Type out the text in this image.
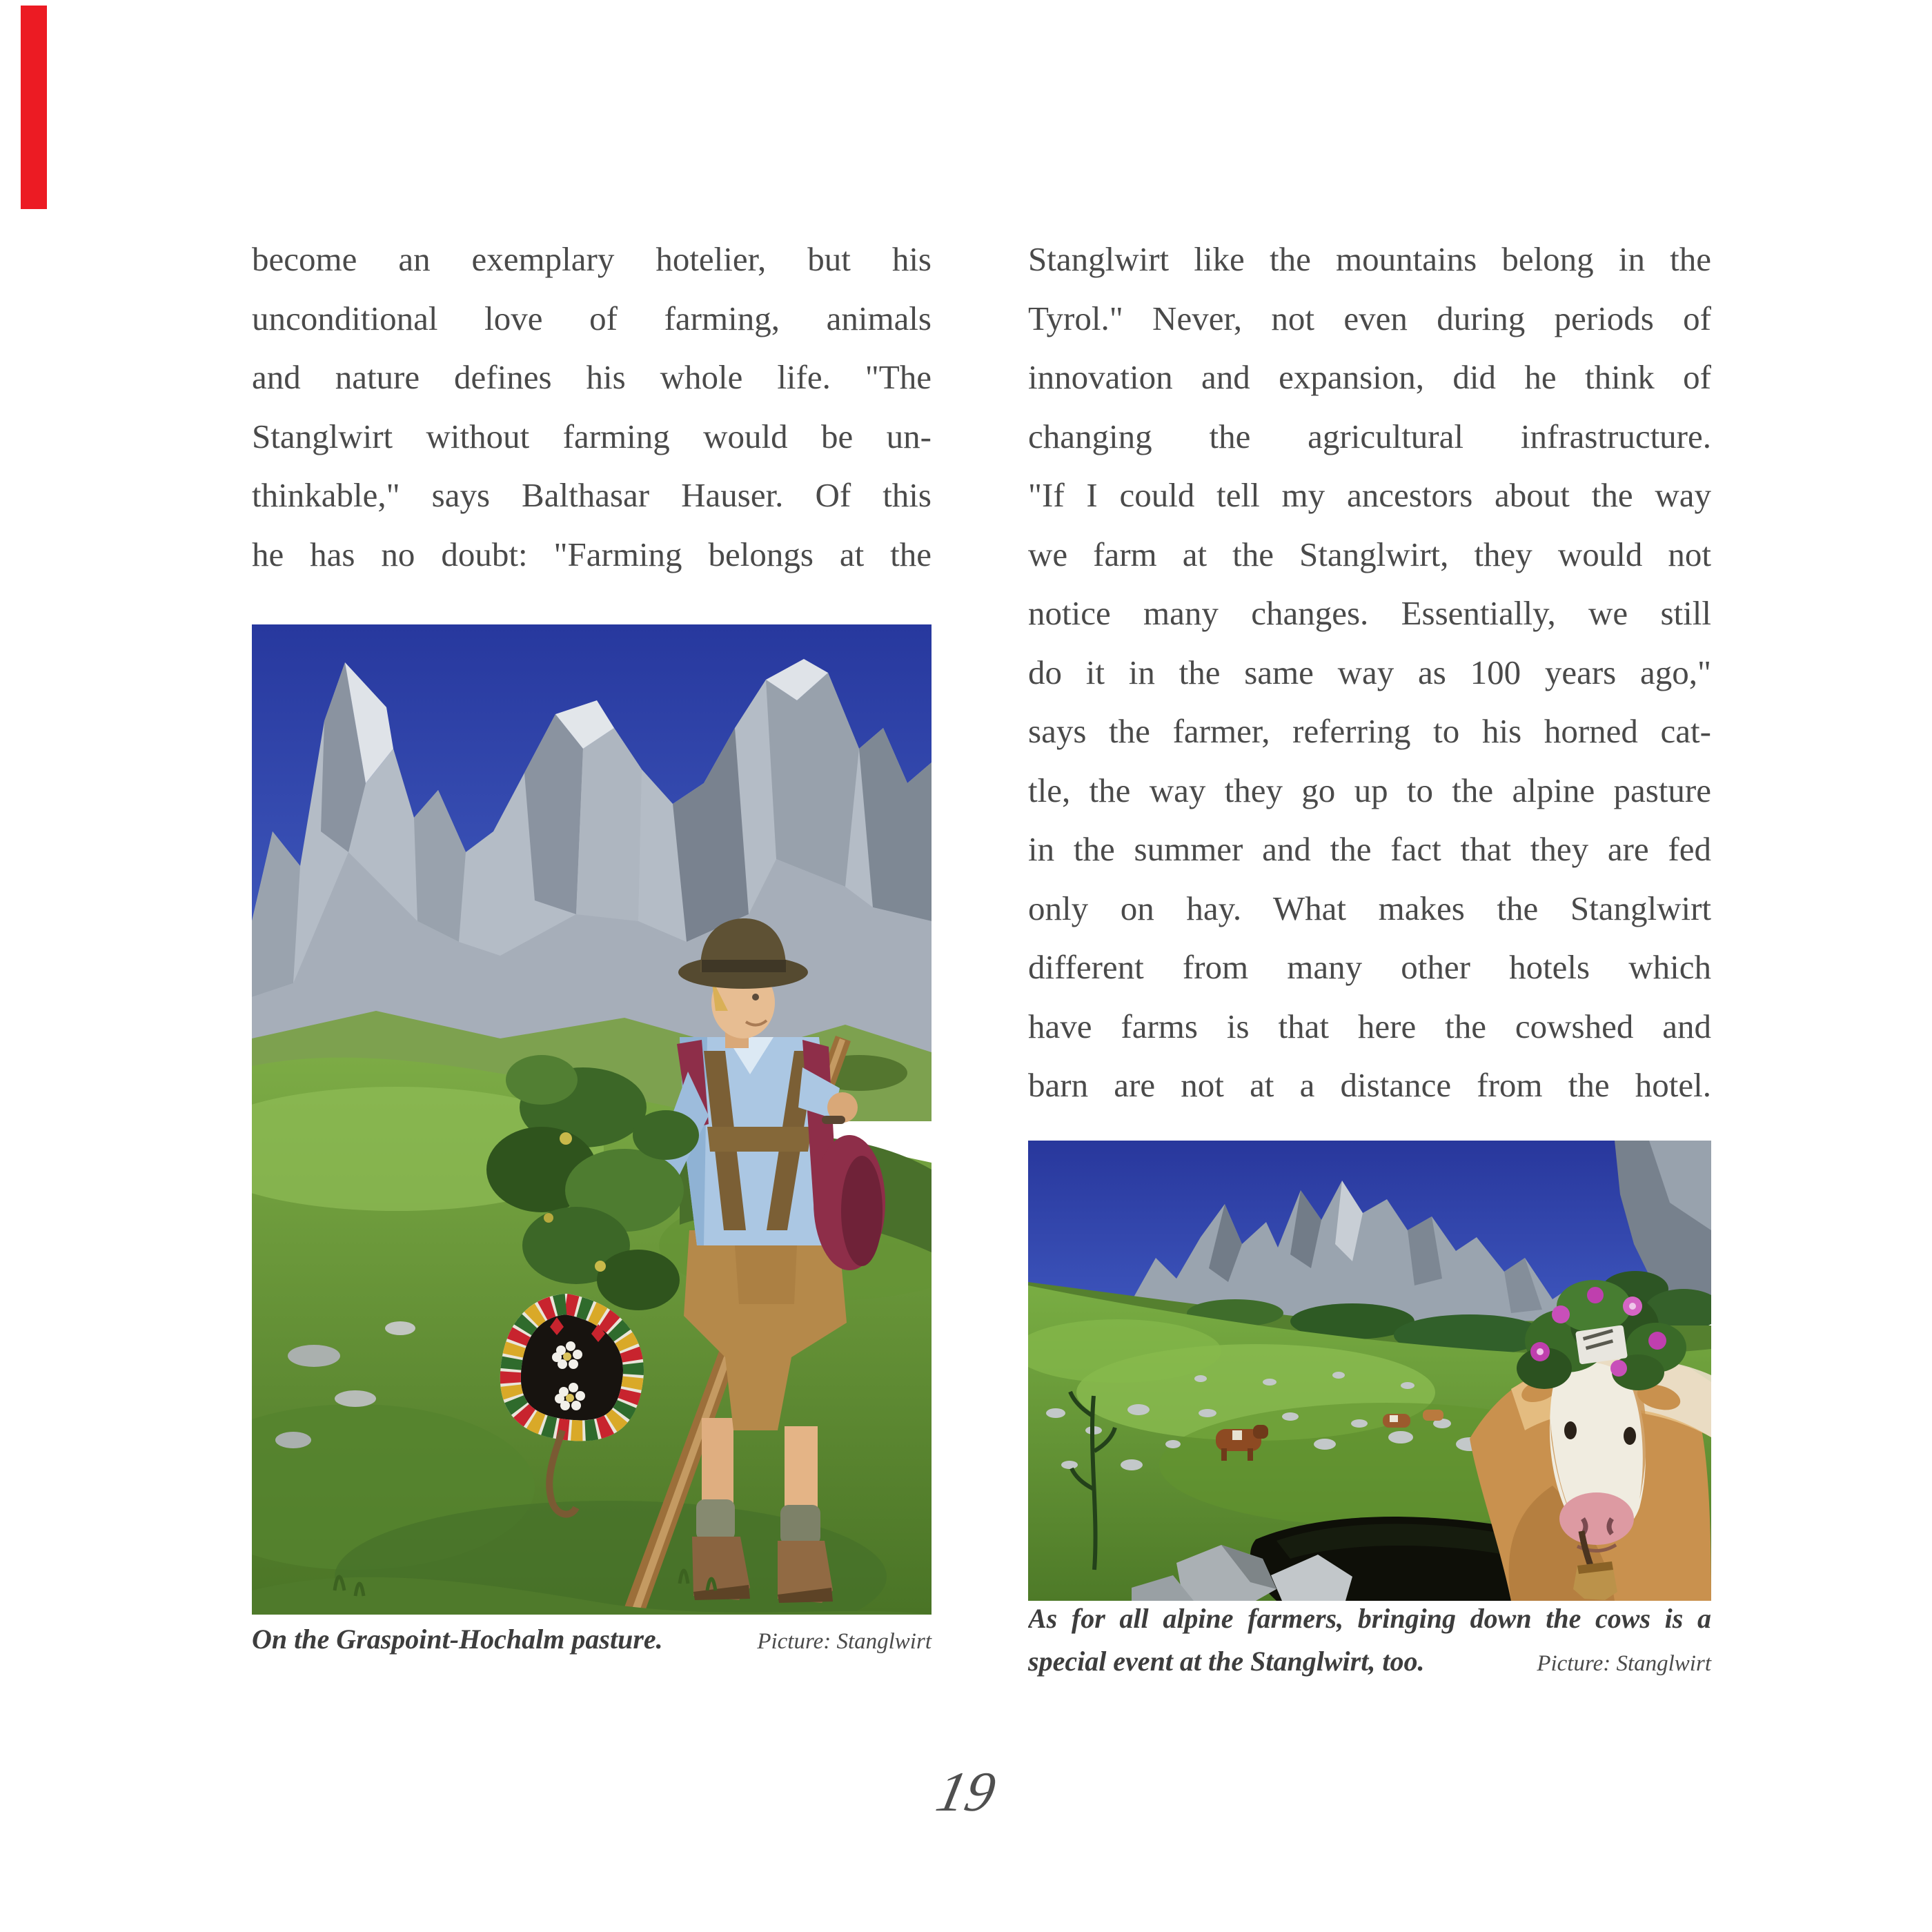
become an exemplary hotelier, but his
unconditional love of farming, animals
and nature defines his whole life. "The
Stanglwirt without farming would be un-
thinkable," says Balthasar Hauser. Of this
he has no doubt: "Farming belongs at the
Stanglwirt like the mountains belong in the
Tyrol." Never, not even during periods of
innovation and expansion, did he think of
changing the agricultural infrastructure.
"If I could tell my ancestors about the way
we farm at the Stanglwirt, they would not
notice many changes. Essentially, we still
do it in the same way as 100 years ago,"
says the farmer, referring to his horned cat-
tle, the way they go up to the alpine pasture
in the summer and the fact that they are fed
only on hay. What makes the Stanglwirt
different from many other hotels which
have farms is that here the cowshed and
barn are not at a distance from the hotel.
On the Graspoint-Hochalm pasture.	Picture: Stanglwirt
As for all alpine farmers, bringing down the cows is a
special event at the Stanglwirt, too.	Picture: Stanglwirt
19
